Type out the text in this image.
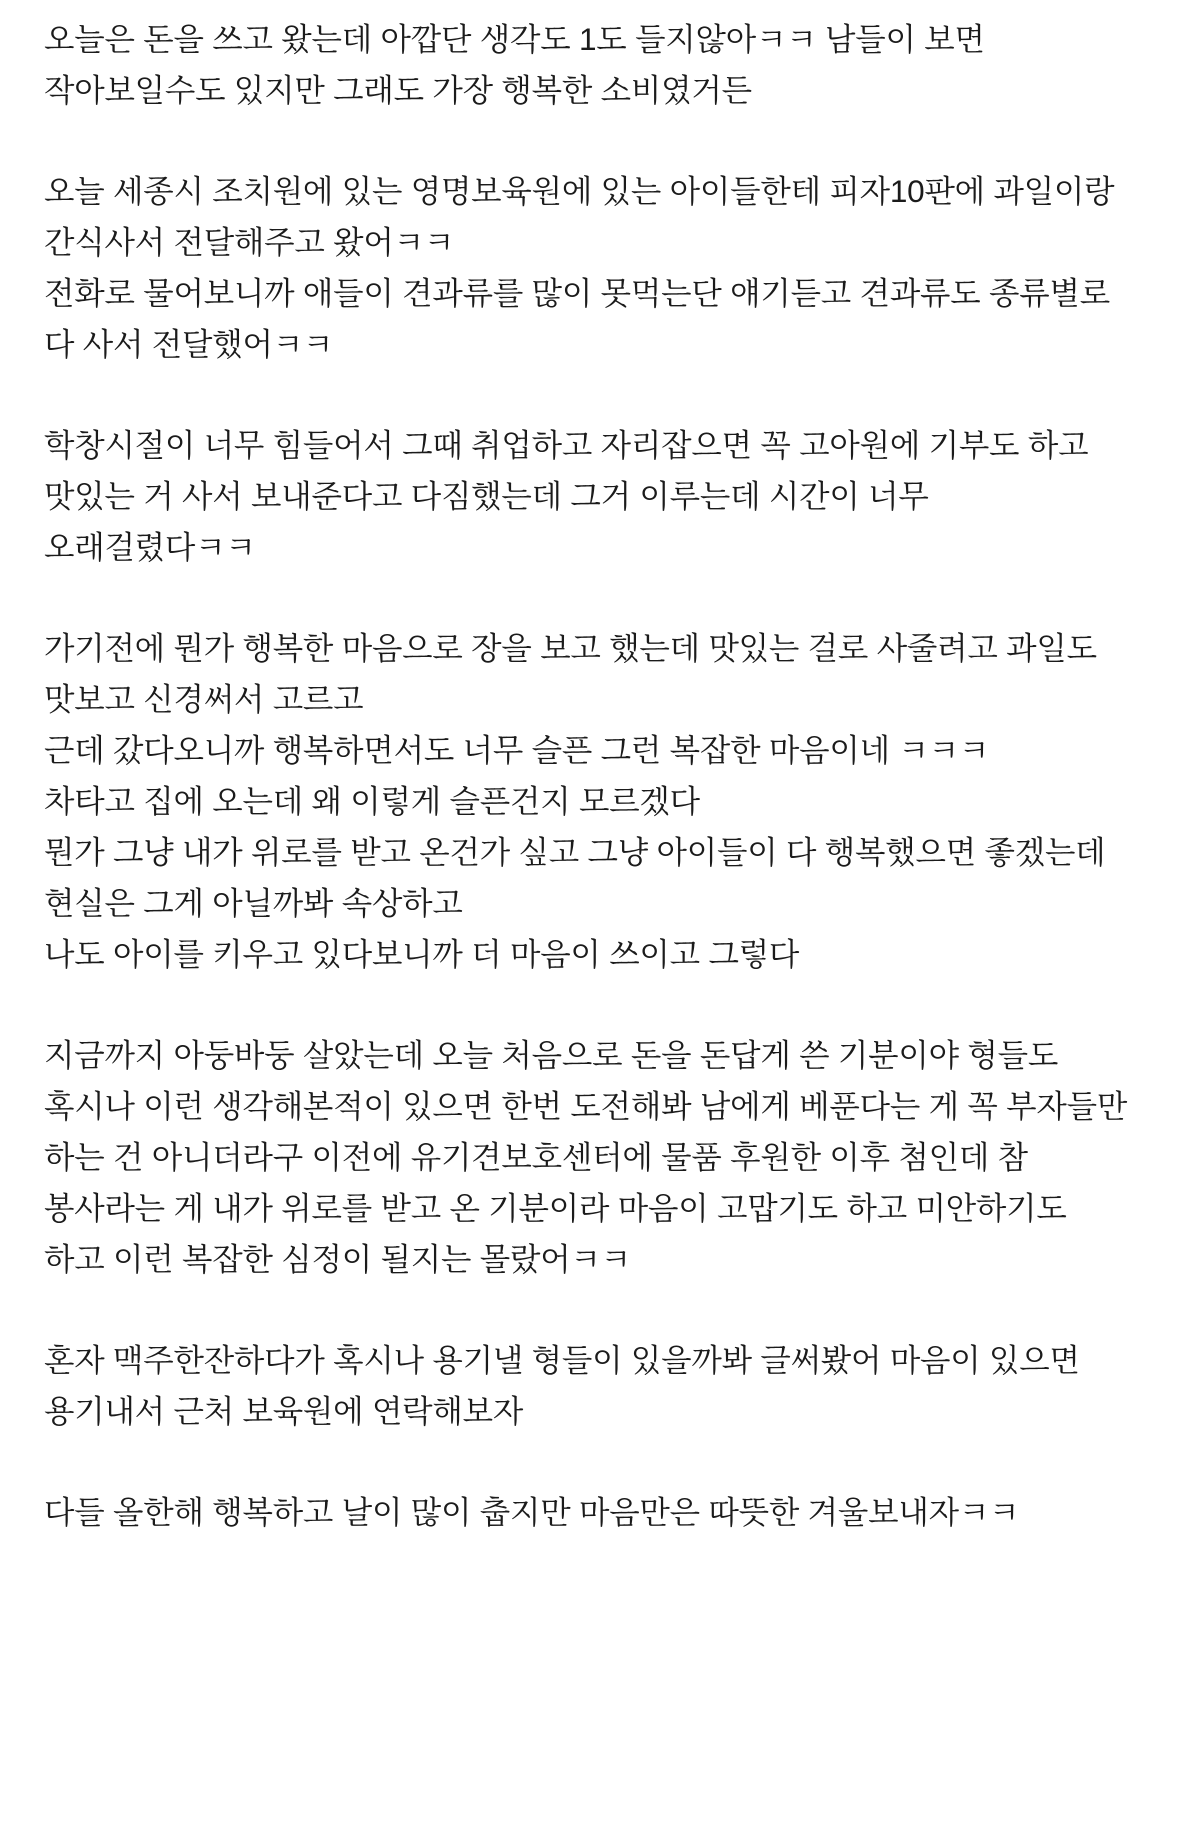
오늘은 돈을 쓰고 왔는데 아깝단 생각도 1도 들지않아ㅋㅋ 남들이 보면 작아보일수도 있지만 그래도 가장 행복한 소비였거든

오늘 세종시 조치원에 있는 영명보육원에 있는 아이들한테 피자10판에 과일이랑 간식사서 전달해주고 왔어ㅋㅋ

전화로 물어보니까 애들이 견과류를 많이 못먹는단 얘기듣고 견과류도 종류별로 다 사서 전달했어ㅋㅋ

학창시절이 너무 힘들어서 그때 취업하고 자리잡으면 꼭 고아원에 기부도 하고 맛있는 거 사서 보내준다고 다짐했는데 그거 이루는데 시간이 너무 오래걸렸다ㅋㅋ

가기전에 뭔가 행복한 마음으로 장을 보고 했는데 맛있는 걸로 사줄려고 과일도 맛보고 신경써서 고르고

근데 갔다오니까 행복하면서도 너무 슬픈 그런 복잡한 마음이네 ㅋㅋㅋ

차타고 집에 오는데 왜 이렇게 슬픈건지 모르겠다

뭔가 그냥 내가 위로를 받고 온건가 싶고 그냥 아이들이 다 행복했으면 좋겠는데 현실은 그게 아닐까봐 속상하고

나도 아이를 키우고 있다보니까 더 마음이 쓰이고 그렇다

지금까지 아둥바둥 살았는데 오늘 처음으로 돈을 돈답게 쓴 기분이야 형들도 혹시나 이런 생각해본적이 있으면 한번 도전해봐 남에게 베푼다는 게 꼭 부자들만 하는 건 아니더라구 이전에 유기견보호센터에 물품 후원한 이후 첨인데 참 봉사라는 게 내가 위로를 받고 온 기분이라 마음이 고맙기도 하고 미안하기도 하고 이런 복잡한 심정이 될지는 몰랐어ㅋㅋ

혼자 맥주한잔하다가 혹시나 용기낼 형들이 있을까봐 글써봤어 마음이 있으면 용기내서 근처 보육원에 연락해보자

다들 올한해 행복하고 날이 많이 춥지만 마음만은 따뜻한 겨울보내자ㅋㅋ
